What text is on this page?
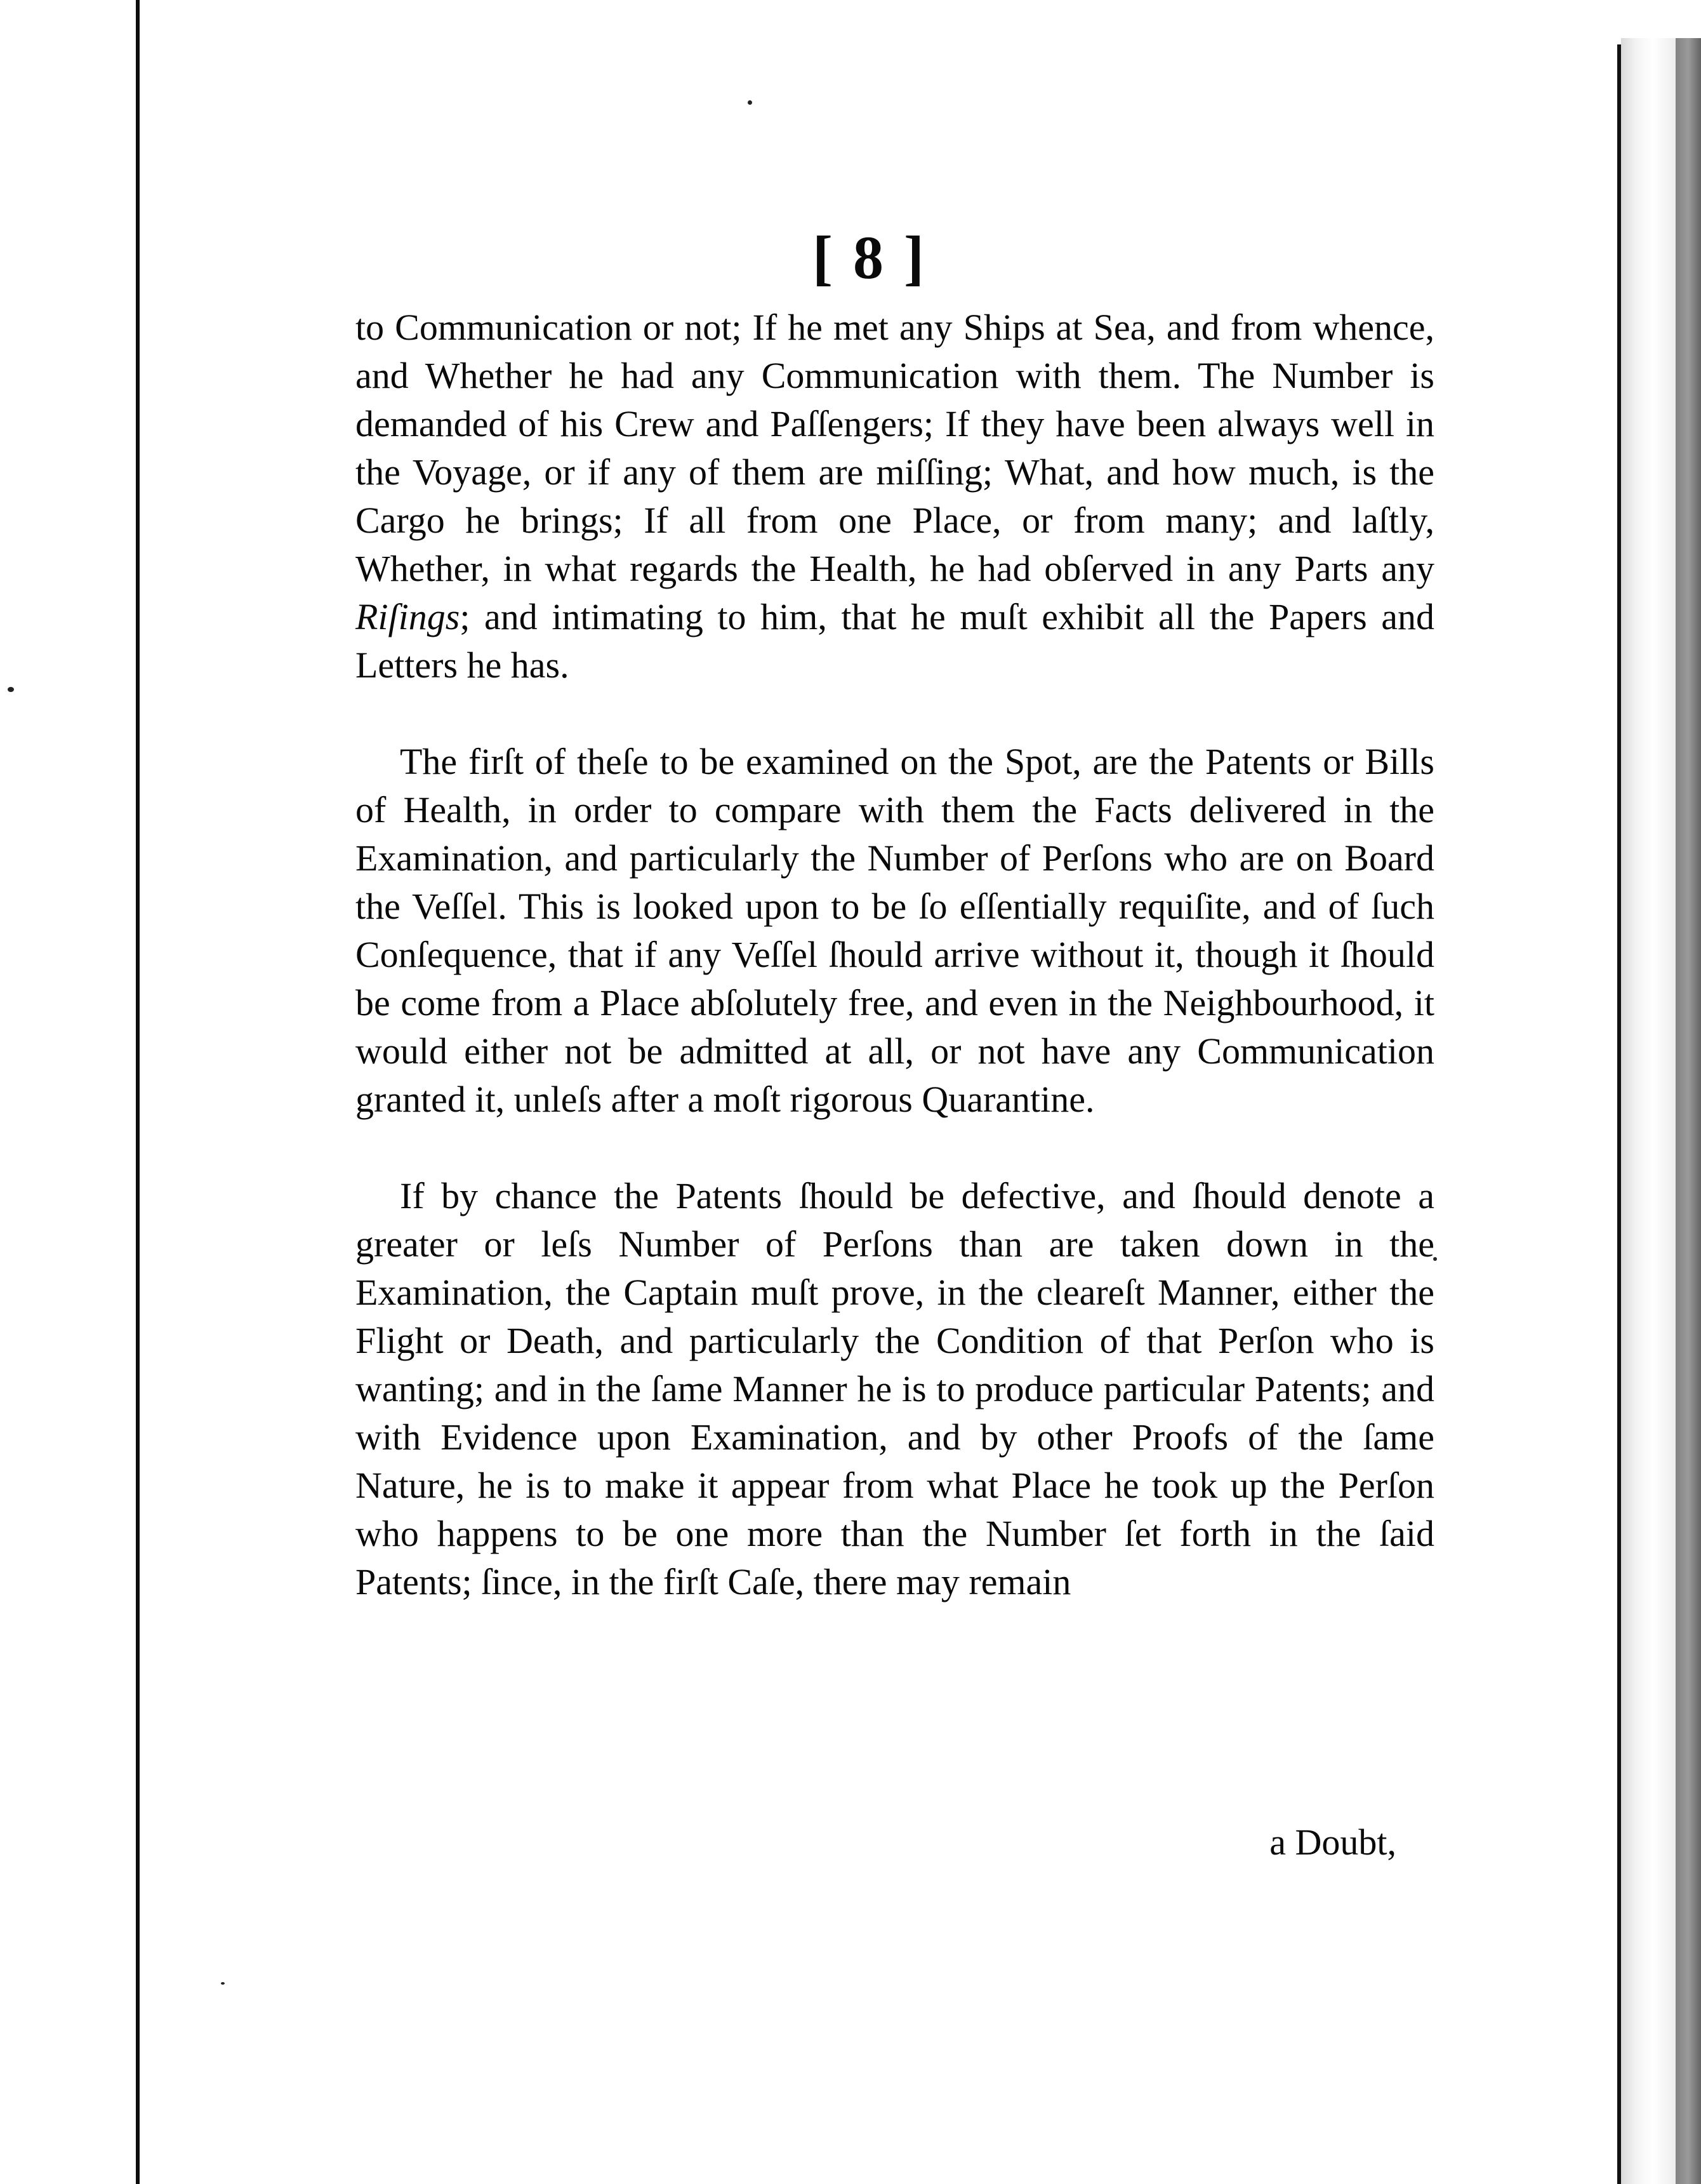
[ 8 ]

to Communication or not; If he met any Ships at Sea, and from whence, and Whether he had any Communication with them. The Number is demanded of his Crew and Paſſengers; If they have been always well in the Voyage, or if any of them are miſſing; What, and how much, is the Cargo he brings; If all from one Place, or from many; and laſtly, Whether, in what regards the Health, he had obſerved in any Parts any Riſings; and intimating to him, that he muſt exhibit all the Papers and Letters he has.

The firſt of theſe to be examined on the Spot, are the Patents or Bills of Health, in order to compare with them the Facts delivered in the Examination, and particularly the Number of Perſons who are on Board the Veſſel. This is looked upon to be ſo eſſentially requiſite, and of ſuch Conſequence, that if any Veſſel ſhould arrive without it, though it ſhould be come from a Place abſolutely free, and even in the Neighbourhood, it would either not be admitted at all, or not have any Communication granted it, unleſs after a moſt rigorous Quarantine.

If by chance the Patents ſhould be defective, and ſhould denote a greater or leſs Number of Perſons than are taken down in the Examination, the Captain muſt prove, in the cleareſt Manner, either the Flight or Death, and particularly the Condition of that Perſon who is wanting; and in the ſame Manner he is to produce particular Patents; and with Evidence upon Examination, and by other Proofs of the ſame Nature, he is to make it appear from what Place he took up the Perſon who happens to be one more than the Number ſet forth in the ſaid Patents; ſince, in the firſt Caſe, there may remain

a Doubt,
